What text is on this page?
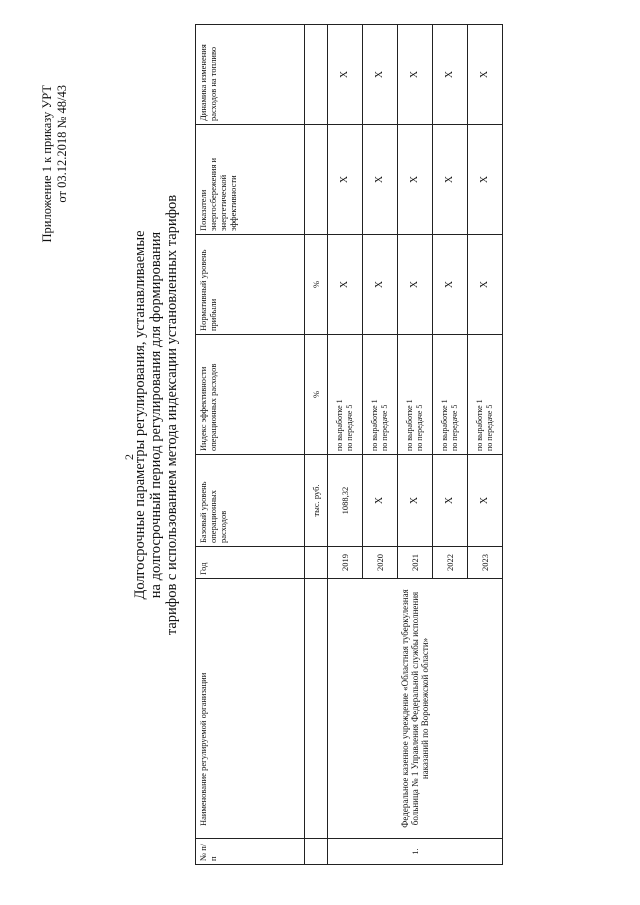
2
Приложение 1 к приказу УРТ от 03.12.2018 № 48/43
Долгосрочные параметры регулирования, устанавливаемые на долгосрочный период регулирования для формирования тарифов с использованием метода индексации установленных тарифов
№ п/п	Наименование регулируемой организации	Год	Базовый уровень операционных расходов	Индекс эффективности операционных расходов	Нормативный уровень прибыли	Показатели энергосбережения и энергетической эффективности	Динамика изменения расходов на топливо
			тыс. руб.	%	%		
1.	Федеральное казенное учреждение «Областная туберкулезная больница № 1 Управления Федеральной службы исполнения наказаний по Воронежской области»	2019	1088,32	по выработке 1 по передаче 5	Х	Х	Х
		2020	Х	по выработке 1 по передаче 5	Х	Х	Х
		2021	Х	по выработке 1 по передаче 5	Х	Х	Х
		2022	Х	по выработке 1 по передаче 5	Х	Х	Х
		2023	Х	по выработке 1 по передаче 5	Х	Х	Х
